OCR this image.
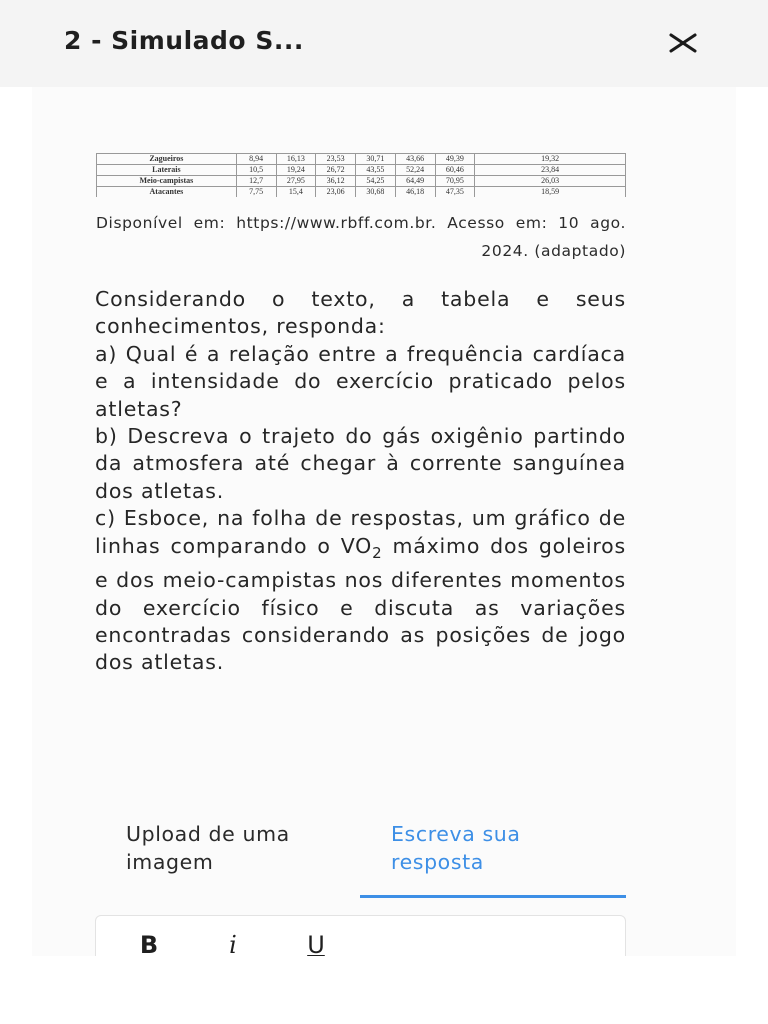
2 - Simulado S...
Zagueiros	8,94	16,13	23,53	30,71	43,66	49,39	19,32
Laterais	10,5	19,24	26,72	43,55	52,24	60,46	23,84
Meio-campistas	12,7	27,95	36,12	54,25	64,49	70,95	26,03
Atacantes	7,75	15,4	23,06	30,68	46,18	47,35	18,59
Disponível em: https://www.rbff.com.br. Acesso em: 10 ago. 2024. (adaptado)

Considerando o texto, a tabela e seus conhecimentos, responda:

a) Qual é a relação entre a frequência cardíaca e a intensidade do exercício praticado pelos atletas?

b) Descreva o trajeto do gás oxigênio partindo da atmosfera até chegar à corrente sanguínea dos atletas.

c) Esboce, na folha de respostas, um gráfico de linhas comparando o $VO_2$ máximo dos goleiros e dos meio-campistas nos diferentes momentos do exercício físico e discuta as variações encontradas considerando as posições de jogo dos atletas.

Upload de uma imagem
Escreva sua resposta
B	i	U
